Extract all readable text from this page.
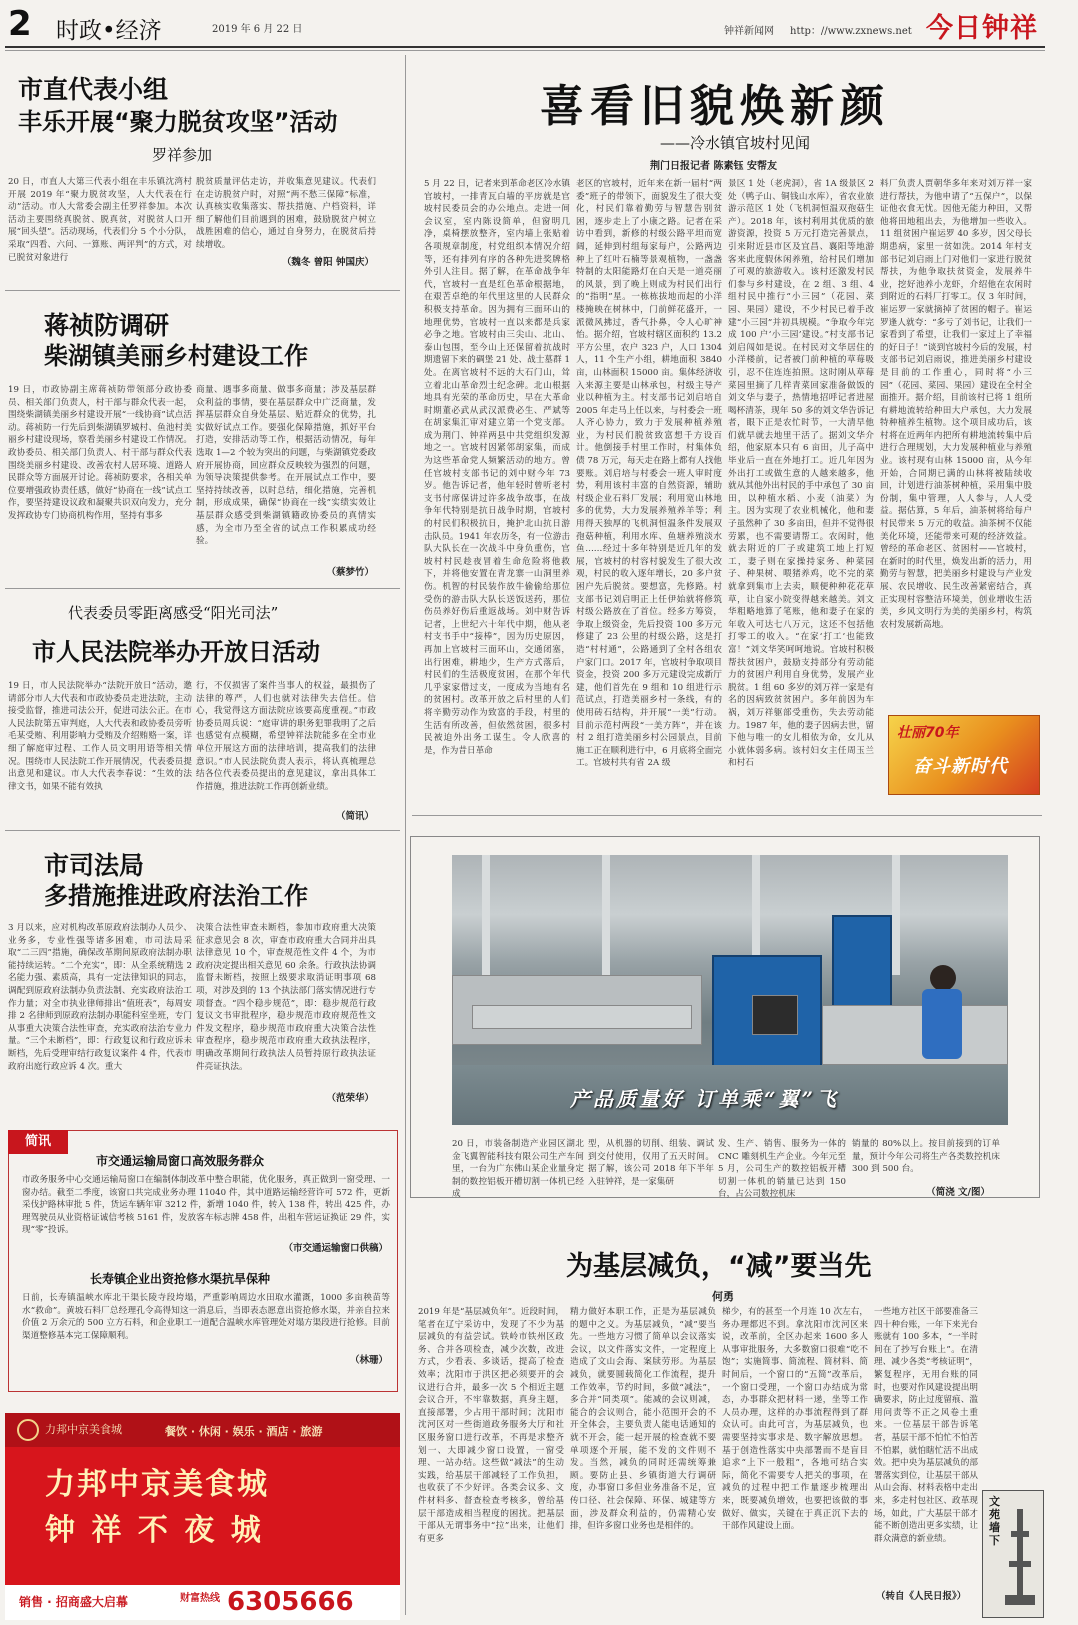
2 时政•经济	2019 年 6 月 22 日	钟祥新闻网 http：//www.zxnews.net 今日钟祥
市直代表小组
丰乐开展“聚力脱贫攻坚”活动
罗祥参加
20 日，市直人大第三代表小组在丰乐镇沈湾村开展 2019 年“聚力脱贫攻坚，人大代表在行动”活动。市人大常委会副主任罗祥参加。本次活动主要围绕真脱贫、脱真贫，对脱贫人口开展“回头望”。活动现场，代表们分 5 个小分队，采取“四看、六问、一算账、两评判”的方式，对已脱贫对象进行
脱贫质量评估走访，并收集意见建议。代表们在走访脱贫户时，对照“两不愁三保障”标准，认真核实收集落实、帮扶措施、户档资料，详细了解他们目前遇到的困难，鼓励脱贫户树立战胜困难的信心，通过自身努力，在脱贫后持续增收。
（魏冬 曾阳 钟国庆）
蒋祯防调研
柴湖镇美丽乡村建设工作
19 日，市政协副主席蒋祯防带领部分政协委员、相关部门负责人，村干部与群众代表一起，围绕柴湖镇美丽乡村建设开展“一线协商”试点活动。蒋祯防一行先后到柴湖镇罗城村、鱼池村美丽乡村建设现场，察看美丽乡村建设工作情况。政协委员、相关部门负责人、村干部与群众代表围绕美丽乡村建设、改善农村人居环境、道路人民群众等方面展开讨论。蒋祯防要求，各相关单位要增强政协责任感，做好“协商在一线”试点工作，要坚持建设议政和凝聚共识双向发力，充分发挥政协专门协商机构作用，坚持有事多
商量、遇事多商量、做事多商量；涉及基层群众利益的事情，要在基层群众中广泛商量，发挥基层群众自身处基层、贴近群众的优势，扎实做好试点工作。要强化保障措施，抓好平台打造，安排活动等工作，根据活动情况，每年选取 1—2 个较为突出的问题，与柴湖镇党委政府开展协商，回应群众反映较为强烈的问题，为领导决策提供参考。在开展试点工作中，要坚持持续改善，以时总结，细化措施，完善机制，形成成果，确保“协商在一线”实绩实效让基层群众感受到柴湖镇籍政协委员的真情实感，为全市乃至全省的试点工作积累成功经验。
（蔡梦竹）
代表委员零距离感受“阳光司法”
市人民法院举办开放日活动
19 日，市人民法院举办“法院开放日”活动，邀请部分市人大代表和市政协委员走进法院，主动接受监督，推进司法公开，促进司法公正。在市人民法院第五审判庭，人大代表和政协委员旁听毛某受贿、利用影响力受贿及介绍贿赂一案，详细了解庭审过程、工作人员文明用语等相关情况。围绕市人民法院工作开展情况，代表委员提出意见和建议。市人大代表李春说：“生效的法律文书，如果不能有效执
行，不仅损害了案件当事人的权益，最损伤了法律的尊严，人们也就对法律失去信任。信心，我觉得这方面法院应该要高度重视。”市政协委员周兵说：“庭审讲的职务犯罪我明了之后也感觉有点模糊，希望钟祥法院能多在全市业单位开展这方面的法律培训，提高我们的法律意识。”市人民法院负责人表示，将认真梳理总结各位代表委员提出的意见建议，拿出具体工作措施，推进法院工作再创新业绩。
（简讯）
市司法局
多措施推进政府法治工作
3 月以来，应对机构改革原政府法制办人员少、业务多，专业性强等诸多困难，市司法局采取“二三四”措施，确保改革期间原政府法制办职能持续运转。“二个充实”，即：从全系统精选 2 名能力强、素质高，具有一定法律知识的同志，调配到原政府法制办负责法制、充实政府法治工作力量；对全市执业律师排出“值班表”，每周安排 2 名律师到原政府法制办职能科室坐班，专门从事重大决策合法性审查，充实政府法治专业力量。“三个未断档”，即：行政复议和行政应诉未断档，先后受理审结行政复议案件 4 件，代表市政府出庭行政应诉 4 次。重大
决策合法性审查未断档，参加市政府重大决策征求意见会 8 次，审查市政府重大合同并出具法律意见 10 个，审查规范性文件 4 个，为市政府决定提出相关意见 60 余条。行政执法协调监督未断档，按照上级要求取消证明事项 68 项，对涉及到的 13 个执法部门落实情况进行专项督查。“四个稳步规范”，即：稳步规范行政复议文书审批程序，稳步规范市政府规范性文件发文程序，稳步规范市政府重大决策合法性审查程序，稳步规范市政府重大政执法程序，明确改革期间行政执法人员暂持原行政执法证件亮证执法。
（范荣华）
简讯
市交通运输局窗口高效服务群众
市政务服务中心交通运输局窗口在编制体制改革中整合职能，优化服务，真正做到一窗受理、一窗办结。截至二季度，该窗口共完成业务办理 11040 件，其中道路运输经营许可 572 件，更新采伐护路林审批 5 件，货运车辆年审 3212 件，新增 1040 件，转入 138 件，转出 425 件，办理驾驶员从业资格证诚信考核 5161 件，发放客车标志牌 458 件，出租车营运证换证 29 件，实现“零”投诉。
（市交通运输窗口供稿）
长寿镇企业出资抢修水渠抗旱保种
日前，长寿镇温峡水库北干渠长陵寺段垮塌，严重影响周边水田取水灌溉，1000 多亩秧苗等水“救命”。黄坡石料厂总经理孔令高得知这一消息后，当即表态愿意出资抢修水渠，并亲自拉来价值 2 万余元的 500 立方石料，和企业职工一道配合温峡水库管理处对塌方渠段进行抢修。目前渠道整修基本完工保障顺利。
（林珊）
力邦中京美食城	餐饮 · 休闲 · 娱乐 · 酒店 · 旅游
力邦中京美食城
钟 祥 不 夜 城
销售 · 招商盛大启幕	财富热线 6305666
喜看旧貌焕新颜
——冷水镇官坡村见闻
荆门日报记者 陈素钰 安帮友
5 月 22 日，记者来到革命老区冷水镇官坡村，一排青瓦白墙的平房就是官坡村民委员会的办公地点。走进一间会议室，室内陈设简单，但窗明几净，桌椅摆放整齐，室内墙上张贴着各项规章制度，村党组织本情况介绍等，还有排列有序的各种先进奖牌格外引人注目。据了解，在革命战争年代，官坡村一直是红色革命根据地，在艰苦卓绝的年代里这里的人民群众积极支持革命。因为拥有三面环山的地理优势，官坡村一直以来都是兵家必争之地。官坡村由三尖山、北山、泰山包围，至今山上还保留着抗战时期遗留下来的碉堡 21 处、战士墓群 1 处。在离官坡村不远的大石门山，耸立着北山革命烈士纪念碑。北山根据地具有光荣的革命历史，早在大革命时期董必武从武汉派费必生、严斌等在胡家集汇审对建立第一个党支部。成为荆门、钟祥两县中共党组织发源地之一。官坡村因紧邻胡家集，而成为这些革命党人频繁活动的地方。曾任官坡村支部书记的刘中财今年 73 岁。他告诉记者，他年轻时曾听老村支书付席保讲过许多战争故事，在战争年代特别是抗日战争时期，官坡村的村民们积极抗日，掩护北山抗日游击队员。1941 年农历冬，有一位游击队大队长在一次战斗中身负重伤，官坡村村民趁夜冒着生命危险将他救下，并将他安置在青龙寨一山洞里养伤。机智的村民装作放牛偷偷给那位受伤的游击队大队长送饭送药，那位伤员养好伤后重返战场。刘中财告诉记者，上世纪六十年代中期，他从老村支书手中“接棒”，因为历史原因，再加上官坡村三面环山，交通闭塞，出行困难，耕地少，生产方式落后，村民们的生活极度贫困，在那个年代几乎家家借过支，一度成为当地有名的贫困村。改革开放之后村里的人们将辛勤劳动作为致富的手段，村里的生活有所改善，但依然贫困，很多村民被迫外出务工谋生。令人欣喜的是，作为昔日革命
老区的官坡村，近年来在新一届村“两委”班子的带领下，面貌发生了很大变化，村民们靠着勤劳与智慧告别贫困，逐步走上了小康之路。记者在采访中看到，新修的村级公路平坦而宽阔，延伸到村组每家每户，公路两边种上了红叶石楠等景观植物，一盏盏特制的太阳能路灯在白天是一道亮丽的风景，到了晚上则成为村民们出行的“指明”星。一栋栋拔地而起的小洋楼掩映在树林中，门前鲜花盛开，一派微风拂过，香气扑鼻，令人心旷神怡。据介绍，官坡村辖区面积约 13.2 平方公里，农户 323 户，人口 1304 人，11 个生产小组，耕地面积 3840 亩，山林面积 15000 亩。集体经济收入来源主要是山林承包，村级主导产业以种植为主。村支部书记刘启培自 2005 年走马上任以来，与村委会一班人齐心协力，致力于发展种植养殖业，为村民们脱贫致富想千方设百计。他倒接手村里工作时，村集体负债 78 万元，每天走在路上都有人找他要账。刘启培与村委会一班人审时度势，利用该村丰富的自然资源，辅助村级企业石料厂发展；利用宽山林地多的优势，大力发展养殖养羊等；利用得天独厚的飞机洞恒温条件发展双孢菇种植，利用水库、鱼塘养殖淡水鱼……经过十多年特别是近几年的发展，官坡村的村容村貌发生了很大改观，村民的收入逐年增长，20 多户贫困户先后脱贫。要想富，先修路。村支部书记刘启明正上任伊始就将修筑村级公路放在了首位。经多方筹资，争取上级资金，先后投资 100 多万元修建了 23 公里的村级公路，这是打造“村村通”，公路通到了全村各组农户家门口。2017 年，官坡村争取项目资金，投资 200 多万元建设完成新厅建，他们首先在 9 组和 10 组进行示范试点，打造美丽乡村一条线，有的使用砖石结构，并开展“一美”行动。目前示范村两段“一美方阵”，并在该村 2 组打造美丽乡村公园景点，目前施工正在顺利进行中，6 月底将全面完工。官坡村共有省 2A 级
景区 1 处（老虎洞），省 1A 级景区 2 处（鸭子山、铜钱山水库），省农业旅游示范区 1 处（飞机洞恒温双孢菇生产）。2018 年，该村利用其优质的旅游资源，投资 5 万元打造完善景点，引来附近县市区及宜昌、襄阳等地游客来此度假休闲养殖，给村民们增加了可观的旅游收入。该村还激发村民们参与乡村建设，在 2 组、3 组、4 组村民中推行“小三园”（花园、菜园、果园）建设，不少村民已着手改建“小三园”并初具规模。“争取今年完成 100 户‘小三园’建设。”村支部书记刘启闯如是说。在村民对文华居住的小洋楼前，记者被门前种植的草莓吸引，忍不住连连拍照。这时刚从草莓菜园里摘了几样青菜回家准备做饭的刘文华与妻子，热情地招呼记者进屋喝杯清茶，现年 50 多的刘文华告诉记者，眼下正是农忙时节，一大清早他们就早就去地里干活了。据刘文华介绍，他家原本只有 6 亩田，儿子高中毕业后一直在外地打工。近几年因为外出打工或做生意的人越来越多，他就从其他外出村民的手中承包了 30 亩田，以种植水稻、小麦（油菜）为主。因为实现了农业机械化，他和妻子虽然种了 30 多亩田，但并不觉得很劳累，也不需要请帮工。农闲时，他就去附近的厂子或建筑工地上打短工，妻子则在家操持家务、种菜园子、种果树、喂猪养鸡，吃不完的菜就拿到集市上去卖，顺便种种花花草草，让自家小院变得越来越美。刘文华粗略地算了笔账，他和妻子在家的年收入可达七八万元，这还不包括他打零工的收入。“在家‘打工’也能致富！”刘文华笑呵呵地说。官坡村积极帮扶贫困户，鼓励支持部分有劳动能力的贫困户利用自身优势，发展产业脱贫。1 组 60 多岁的刘万祥一家是有名的因病致贫贫困户。多年前因为车祸，刘万祥躯部受重伤，失去劳动能力。1987 年，他的妻子因病去世，留下他与唯一的女儿相依为命，女儿从小就体弱多病。该村妇女主任周玉兰和村石
料厂负责人贾朝华多年来对刘万祥一家进行帮扶，为他申请了“五保户”，以保证他衣食无忧。因他无能力种田，又帮他将田地租出去，为他增加一些收入。11 组贫困户崔运罗 40 多岁，因父母长期患病，家里一贫如洗。2014 年村支部书记刘启雨上门对他们一家进行脱贫帮扶，为他争取扶贫资金，发展养牛业，挖好池养小龙虾，介绍他在农闲时到附近的石料厂打零工。仅 3 年时间，崔运罗一家就摘掉了贫困的帽子。崔运罗逢人就夸：“多亏了刘书记，让我们一家看到了希望，让我们一家过上了幸福的好日子！”谈到官坡村今后的发展，村支部书记刘启雨说，推进美丽乡村建设是目前的工作重心，同时将“小三园”（花园、菜园、果园）建设在全村全面推开。据介绍，目前该村已将 1 组所有耕地流转给种田大户承包，大力发展特种植养生植物。这个项目成功后，该村将在近两年内把所有耕地流转集中后进行合理规划，大力发展种植业与养殖业。该村现有山林 15000 亩，从今年开始，合同期已满的山林将被陆续收回，计划进行油茶树种植，采用集中股份制，集中管理，人人参与，人人受益。据估算，5 年后，油茶树将给每户村民带来 5 万元的收益。油茶树不仅能美化环境，还能带来可观的经济效益。曾经的革命老区、贫困村——官坡村，在新时的时代里，焕发出新的活力，用勤劳与智慧，把美丽乡村建设与产业发展、农民增收、民生改善紧密结合，真正实现村容整洁环境美，创业增收生活美，乡风文明行为美的美丽乡村，构筑农村发展新高地。
壮丽70年
奋斗新时代
产品质量好 订单乘“翼”飞
20 日，市装备制造产业园区湖北金飞翼智能科技有限公司生产车间里，一台为广东佛山某企业量身定制的数控铝板开槽切割一体机已经成
型，从机器的切削、组装、调试到交付使用，仅用了五天时间。据了解，该公司 2018 年下半年入驻钟祥，是一家集研
发、生产、销售、服务为一体的 CNC 雕刻机生产企业。今年元至 5 月，公司生产的数控铝板开槽切割一体机的销量已达到 150 台，占公司数控机床
销量的 80%以上。按目前接到的订单量，预计今年公司将生产各类数控机床 300 到 500 台。
（简浇 文/图）
为基层减负，“减”要当先
何勇
2019 年是“基层减负年”。近段时间，笔者在辽宁采访中，发现了不少为基层减负的有益尝试。铁岭市铁州区政务、合并各项检查，减少次数，改进方式，少看表、多谈话，提高了检查效率；沈阳市于洪区把必须要开的会议进行合并，最多一次 5 个相近主题会议合开，不牢靠数据，真身主题，直接部署，少占用干部时间；沈阳市沈河区对一些街道政务服务大厅和社区服务窗口进行改革，不再是求整齐划一、大即减少窗口设置，一窗受理、一站办结。这些做“减法”的生动实践，给基层干部减轻了工作负担，也收获了不少好评。各类会议多、文件材料多、督查检查考核多，曾给基层干部造成相当程度的困扰。把基层干部从无谓事务中“拉”出来，让他们有更多
精力做好本职工作，正是为基层减负的题中之义。为基层减负，“减”要当先。一些地方习惯了简单以会议落实会议，以文件落实文件，一定程度上造成了文山会海、案牍劳形。为基层减负，就要圆载简化工作流程，提升工作效率，节约时间，多做“减法”，多合并“同类项”。能减的会议则减，能合的会议则合，能小范围开会的不开全体会，主要负责人能电话通知的就不开会，能一起开展的检查就不要单项逐个开展，能不发的文件则不发。当然，减负的同时还需统筹兼顾。要防止县、乡镇街道大行调研度，办事窗口多但业务准备不足，宣传口径、社会保障、环保、城建等方面，涉及群众利益的，仍需精心安排，但许多窗口业务也是相伴的。
梯少，有的甚至一个月连 10 次左右，务办理都迟不到。拿沈阳市沈河区来说，改革前，全区办起来 1600 多人从事审批服务，大多数窗口很难“吃不饱”；实施简事、简流程、简材料、简时间后，一个窗口的“五简”改革后，一个窗口受理，一个窗口办结成为常态，办事群众把材料一递，坐等工作人员办理，这样的办事流程得到了群众认可。由此可言，为基层减负，也需要坚持实事求是、数字解放思想。基于创造性落实中央部署而不是盲目追求“上下一般粗”，各地可结合实际，简化不需要专人把关的事项，在减负的过程中把工作量逐步梳理出来，既要减负增效，也要把该做的事做好、做实，关键在于真正沉下去的干部作风建设上面。
一些地方社区干部要准备三四十种台账，一年下来光台账就有 100 多本，“一半时间在了抄写台账上”。在清理、减少各类“考核证明”，繁复程序，无用台账的同时，也要对作风建设提出明确要求，防止过度留痕、滥用问责等不正之风卷土重来。一位基层干部告诉笔者，基层干部不怕忙不怕苦不怕累，就怕瞎忙活不出成效。把中央为基层减负的部署落实到位，让基层干部从从山会海、材料表格中走出来，多走村包社区、政革现场，如此，广大基层干部才能不断创造出更多实绩，让群众满意的新业绩。
（转自《人民日报》）
文苑墙下
